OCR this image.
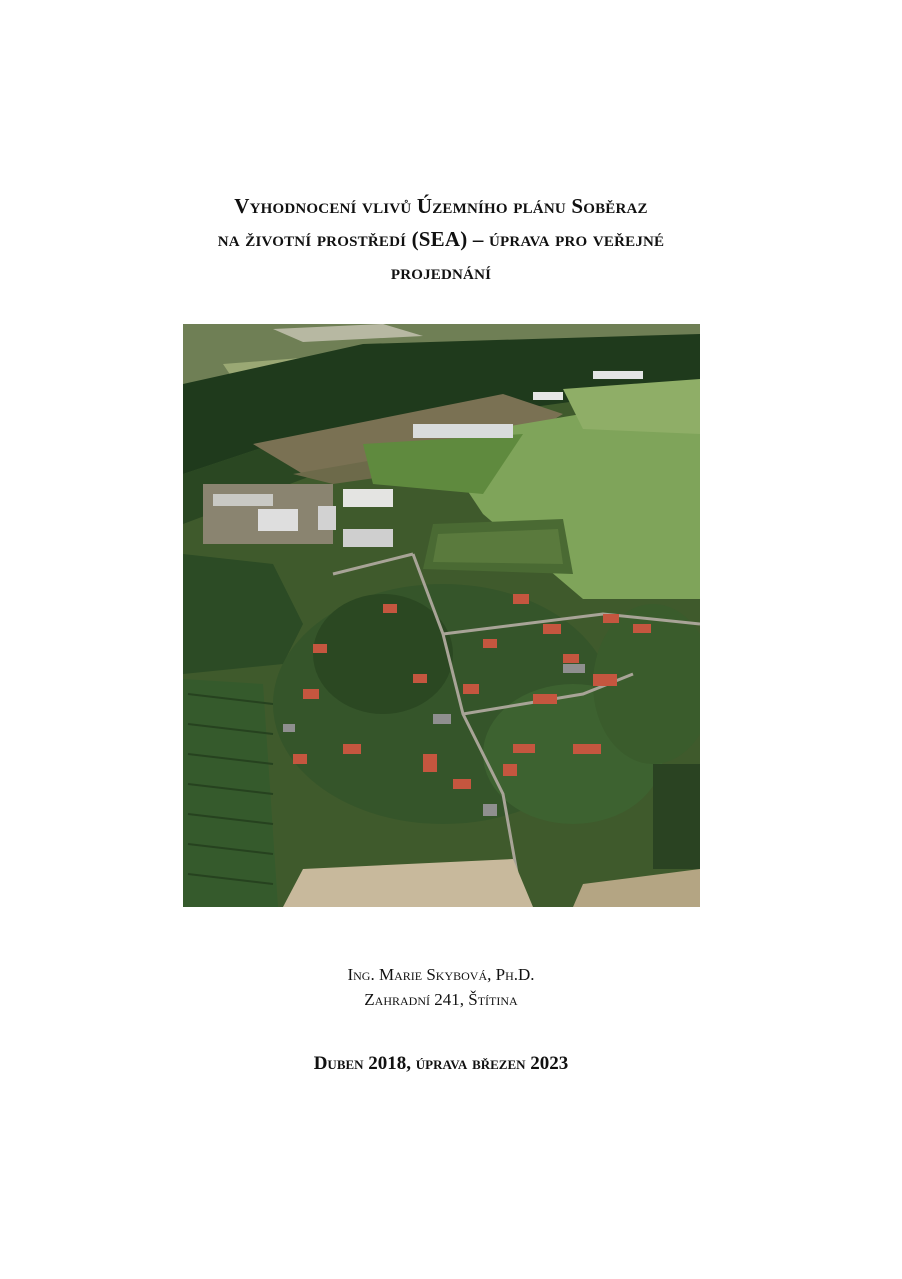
Vyhodnocení vlivů Územního plánu Soběraz
na životní prostředí (SEA) – úprava pro veřejné
projednání
Ing. Marie Skybová, Ph.D.
Zahradní 241, Štítina
Duben 2018, úprava březen 2023
